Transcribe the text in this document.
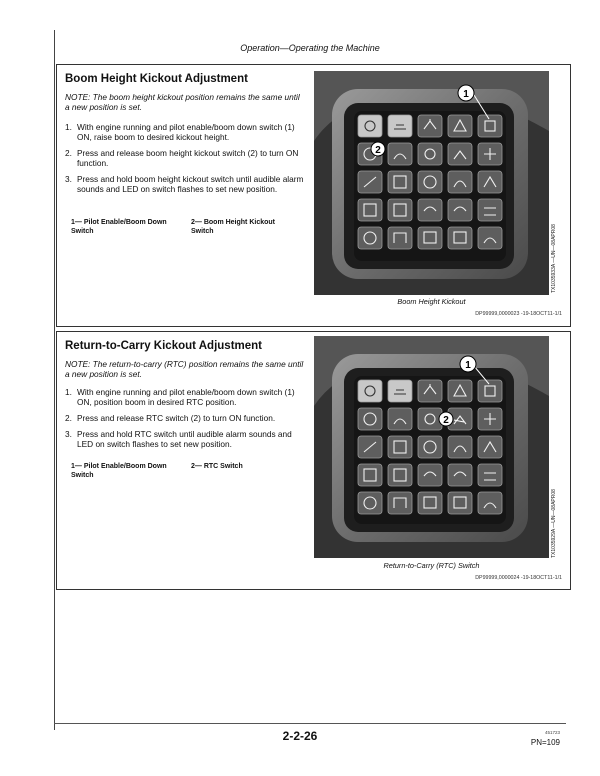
Operation—Operating the Machine
Boom Height Kickout Adjustment
NOTE: The boom height kickout position remains the same until a new position is set.
1. With engine running and pilot enable/boom down switch (1) ON, raise boom to desired kickout height.
2. Press and release boom height kickout switch (2) to turn ON function.
3. Press and hold boom height kickout switch until audible alarm sounds and LED on switch flashes to set new position.
1— Pilot Enable/Boom Down Switch
2— Boom Height Kickout Switch
1
2
TX1035933A —UN—08APR08
Boom Height Kickout
DP99999,0000023 -19-18OCT11-1/1
Return-to-Carry Kickout Adjustment
NOTE: The return-to-carry (RTC) position remains the same until a new position is set.
1. With engine running and pilot enable/boom down switch (1) ON, position boom in desired RTC position.
2. Press and release RTC switch (2) to turn ON function.
3. Press and hold RTC switch until audible alarm sounds and LED on switch flashes to set new position.
1— Pilot Enable/Boom Down Switch
2— RTC Switch
1
2
TX1035929A —UN—08APR08
Return-to-Carry (RTC) Switch
DP99999,0000024 -19-18OCT11-1/1
2-2-26	451723
PN=109
